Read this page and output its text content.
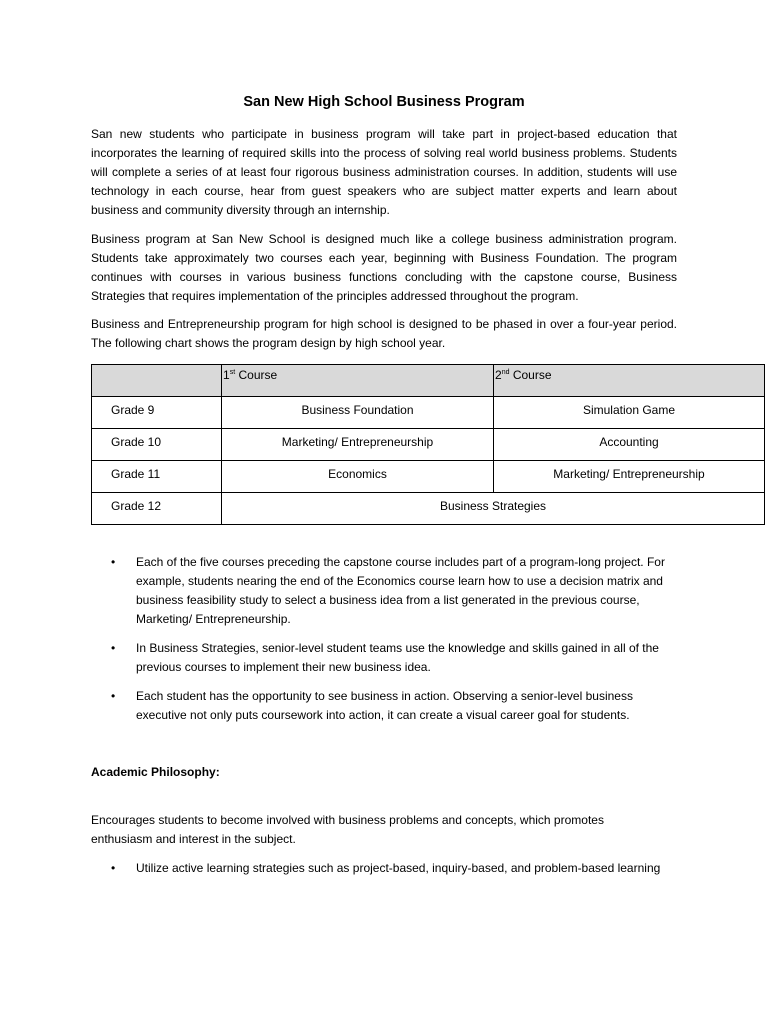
San New High School Business Program

San new students who participate in business program will take part in project-based education that incorporates the learning of required skills into the process of solving real world business problems. Students will complete a series of at least four rigorous business administration courses. In addition, students will use technology in each course, hear from guest speakers who are subject matter experts and learn about business and community diversity through an internship.

Business program at San New School is designed much like a college business administration program. Students take approximately two courses each year, beginning with Business Foundation. The program continues with courses in various business functions concluding with the capstone course, Business Strategies that requires implementation of the principles addressed throughout the program.

Business and Entrepreneurship program for high school is designed to be phased in over a four-year period. The following chart shows the program design by high school year.

	1st Course	2nd Course
Grade 9	Business Foundation	Simulation Game
Grade 10	Marketing/ Entrepreneurship	Accounting
Grade 11	Economics	Marketing/ Entrepreneurship
Grade 12	Business Strategies	
• Each of the five courses preceding the capstone course includes part of a program-long project. For example, students nearing the end of the Economics course learn how to use a decision matrix and business feasibility study to select a business idea from a list generated in the previous course, Marketing/ Entrepreneurship.
• In Business Strategies, senior-level student teams use the knowledge and skills gained in all of the previous courses to implement their new business idea.
• Each student has the opportunity to see business in action. Observing a senior-level business executive not only puts coursework into action, it can create a visual career goal for students.
Academic Philosophy:

Encourages students to become involved with business problems and concepts, which promotes enthusiasm and interest in the subject.

• Utilize active learning strategies such as project-based, inquiry-based, and problem-based learning
